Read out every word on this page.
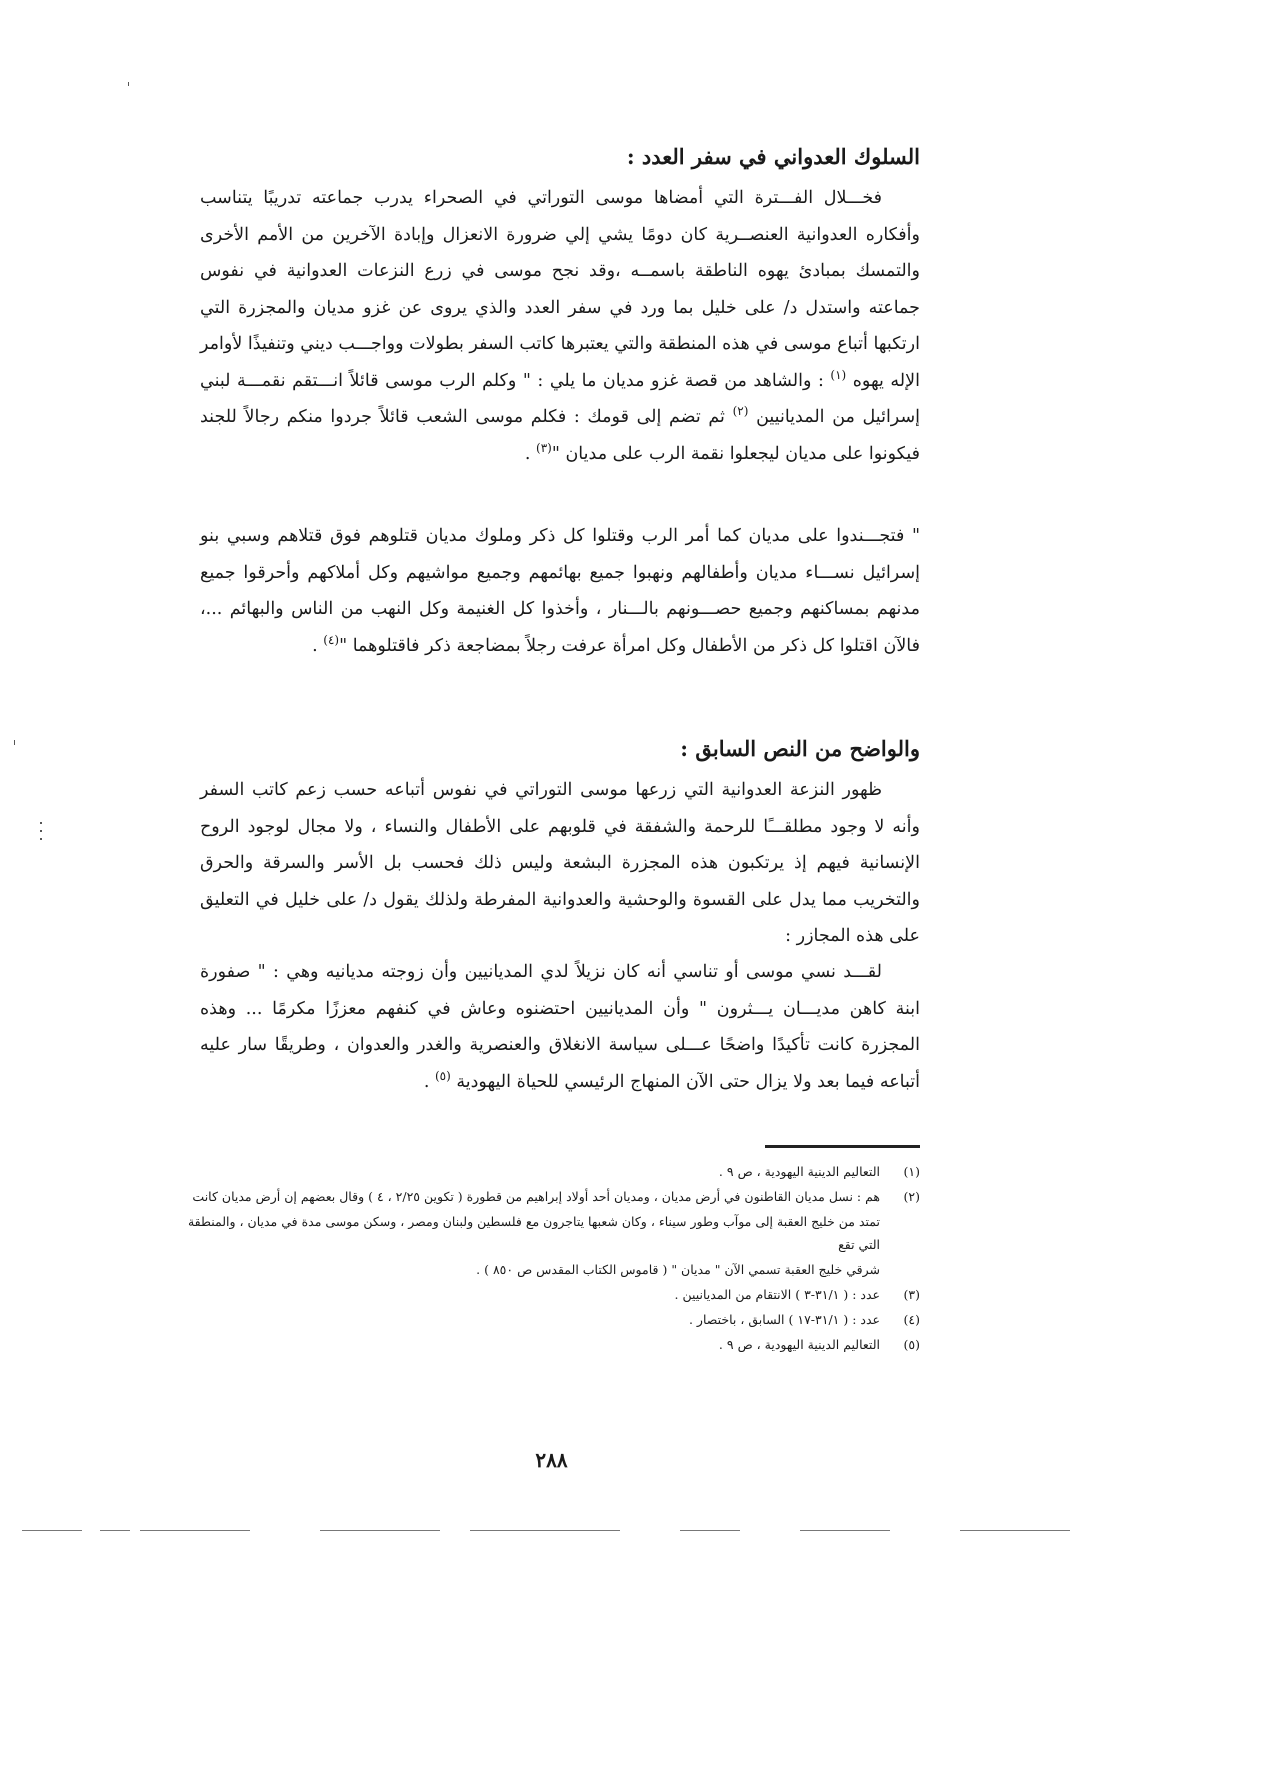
السلوك العدواني في سفر العدد :

فخـــلال الفـــترة التي أمضاها موسى التوراتي في الصحراء يدرب جماعته تدريبًا يتناسب وأفكاره العدوانية العنصــرية كان دومًا يشي إلي ضرورة الانعزال وإبادة الآخرين من الأمم الأخرى والتمسك بمبادئ يهوه الناطقة باسمــه ،وقد نجح موسى في زرع النزعات العدوانية في نفوس جماعته واستدل د/ على خليل بما ورد في سفر العدد والذي يروى عن غزو مديان والمجزرة التي ارتكبها أتباع موسى في هذه المنطقة والتي يعتبرها كاتب السفر بطولات وواجـــب ديني وتنفيذًا لأوامر الإله يهوه $^{(١)}$ : والشاهد من قصة غزو مديان ما يلي : " وكلم الرب موسى قائلاً انـــتقم نقمـــة لبني إسرائيل من المديانيين $^{(٢)}$ ثم تضم إلى قومك : فكلم موسى الشعب قائلاً جردوا منكم رجالاً للجند فيكونوا على مديان ليجعلوا نقمة الرب على مديان "$^{(٣)}$ .

" فتجـــندوا على مديان كما أمر الرب وقتلوا كل ذكر وملوك مديان قتلوهم فوق قتلاهم وسبي بنو إسرائيل نســـاء مديان وأطفالهم ونهبوا جميع بهائمهم وجميع مواشيهم وكل أملاكهم وأحرقوا جميع مدنهم بمساكنهم وجميع حصـــونهم بالـــنار ، وأخذوا كل الغنيمة وكل النهب من الناس والبهائم ...، فالآن اقتلوا كل ذكر من الأطفال وكل امرأة عرفت رجلاً بمضاجعة ذكر فاقتلوهما "$^{(٤)}$ .

والواضح من النص السابق :

ظهور النزعة العدوانية التي زرعها موسى التوراتي في نفوس أتباعه حسب زعم كاتب السفر وأنه لا وجود مطلقـــًا للرحمة والشفقة في قلوبهم على الأطفال والنساء ، ولا مجال لوجود الروح الإنسانية فيهم إذ يرتكبون هذه المجزرة البشعة وليس ذلك فحسب بل الأسر والسرقة والحرق والتخريب مما يدل على القسوة والوحشية والعدوانية المفرطة ولذلك يقول د/ على خليل في التعليق على هذه المجازر :

لقـــد نسي موسى أو تناسي أنه كان نزيلاً لدي المديانيين وأن زوجته مديانيه وهي : " صفورة ابنة كاهن مديـــان يـــثرون " وأن المديانيين احتضنوه وعاش في كنفهم معززًا مكرمًا ... وهذه المجزرة كانت تأكيدًا واضحًا عـــلى سياسة الانغلاق والعنصرية والغدر والعدوان ، وطريقًا سار عليه أتباعه فيما بعد ولا يزال حتى الآن المنهاج الرئيسي للحياة اليهودية $^{(٥)}$ .

(١)

التعاليم الدينية اليهودية ، ص ٩ .

(٢)

هم : نسل مديان القاطنون في أرض مديان ، ومديان أحد أولاد إبراهيم من قطورة ( تكوين ٢/٢٥ ، ٤ ) وقال بعضهم إن أرض مديان كانت

تمتد من خليج العقبة إلى موآب وطور سيناء ، وكان شعبها يتاجرون مع فلسطين ولبنان ومصر ، وسكن موسى مدة في مديان ، والمنطقة التي تقع

شرقي خليج العقبة تسمي الآن " مديان " ( قاموس الكتاب المقدس ص ٨٥٠ ) .

(٣)

عدد : ( ٣١/١-٣ ) الانتقام من المديانيين .

(٤)

عدد : ( ٣١/١-١٧ ) السابق ، باختصار .

(٥)

التعاليم الدينية اليهودية ، ص ٩ .

٢٨٨
